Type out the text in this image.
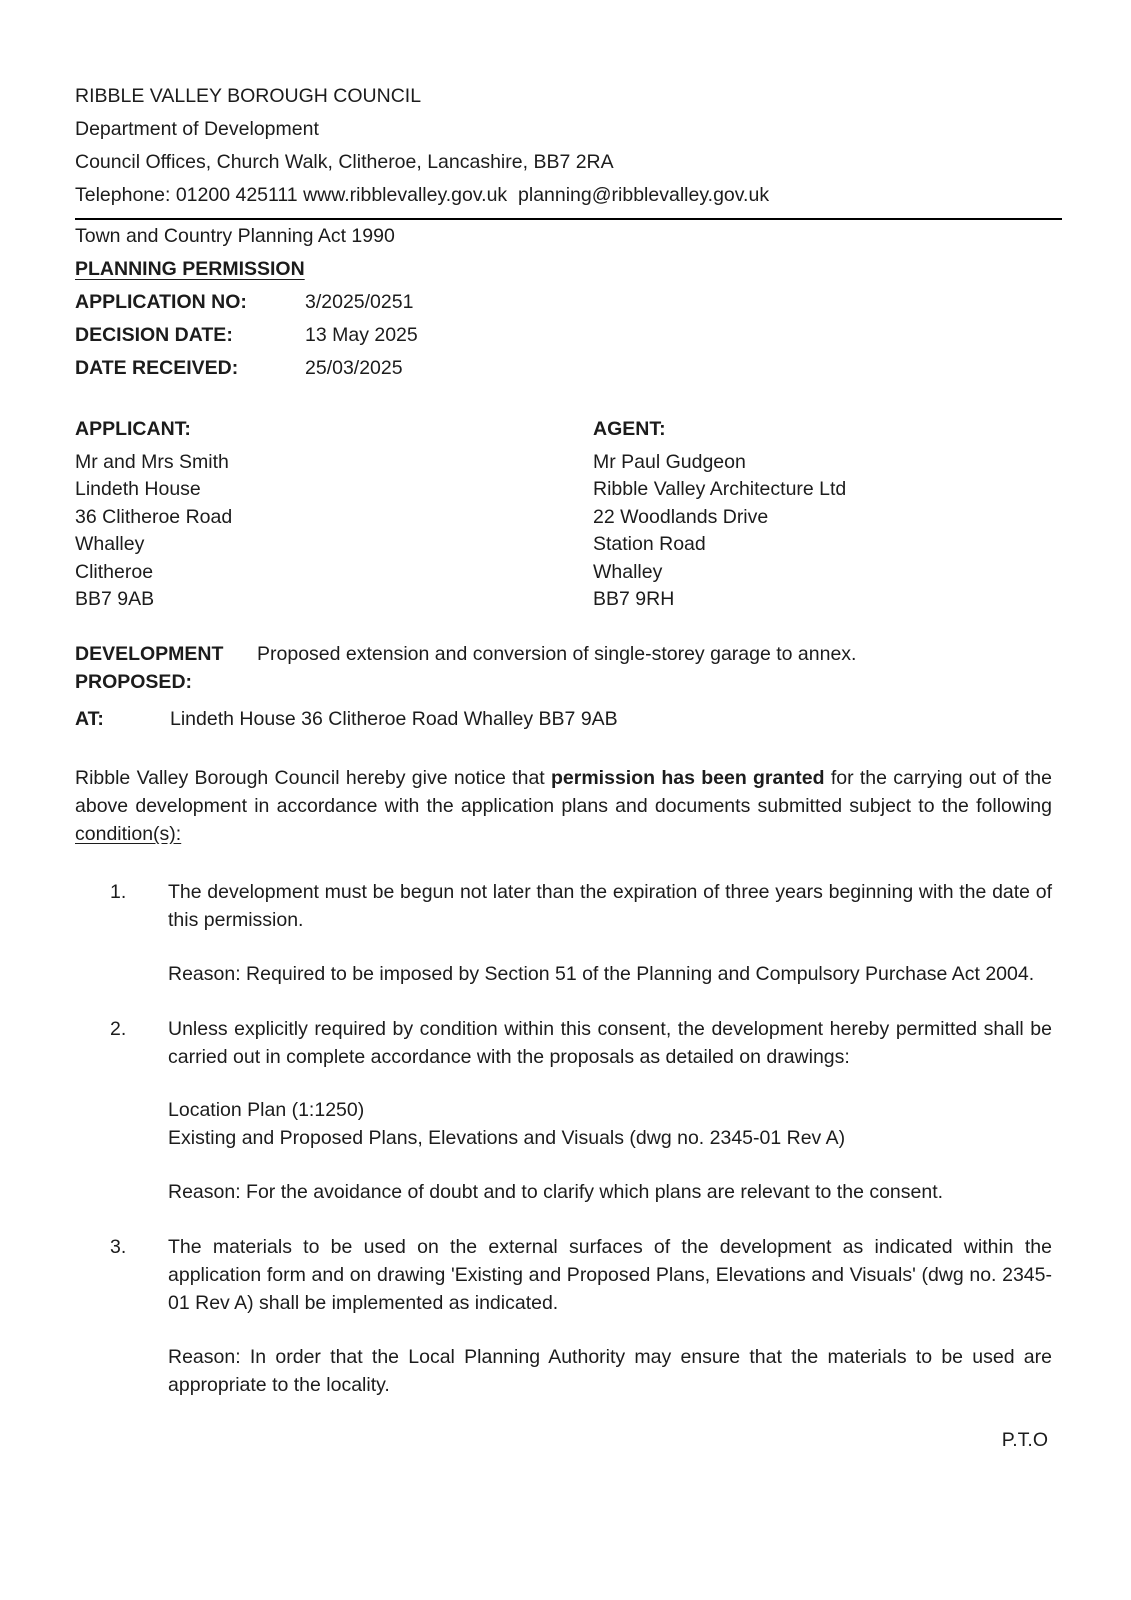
RIBBLE VALLEY BOROUGH COUNCIL
Department of Development
Council Offices, Church Walk, Clitheroe, Lancashire, BB7 2RA
Telephone: 01200 425111 www.ribblevalley.gov.uk  planning@ribblevalley.gov.uk
Town and Country Planning Act 1990
PLANNING PERMISSION
APPLICATION NO:	3/2025/0251
DECISION DATE:	13 May 2025
DATE RECEIVED:	25/03/2025
APPLICANT:
Mr and Mrs Smith
Lindeth House
36 Clitheroe Road
Whalley
Clitheroe
BB7 9AB
AGENT:
Mr Paul Gudgeon
Ribble Valley Architecture Ltd
22 Woodlands Drive
Station Road
Whalley
BB7 9RH
DEVELOPMENT
PROPOSED:
Proposed extension and conversion of single-storey garage to annex.
AT:	Lindeth House 36 Clitheroe Road Whalley BB7 9AB
Ribble Valley Borough Council hereby give notice that permission has been granted for the carrying out of the above development in accordance with the application plans and documents submitted subject to the following condition(s):
1.	The development must be begun not later than the expiration of three years beginning with the date of this permission.
Reason: Required to be imposed by Section 51 of the Planning and Compulsory Purchase Act 2004.
2.	Unless explicitly required by condition within this consent, the development hereby permitted shall be carried out in complete accordance with the proposals as detailed on drawings:
Location Plan (1:1250)
Existing and Proposed Plans, Elevations and Visuals (dwg no. 2345-01 Rev A)
Reason: For the avoidance of doubt and to clarify which plans are relevant to the consent.
3.	The materials to be used on the external surfaces of the development as indicated within the application form and on drawing 'Existing and Proposed Plans, Elevations and Visuals' (dwg no. 2345-01 Rev A) shall be implemented as indicated.
Reason: In order that the Local Planning Authority may ensure that the materials to be used are appropriate to the locality.
P.T.O
